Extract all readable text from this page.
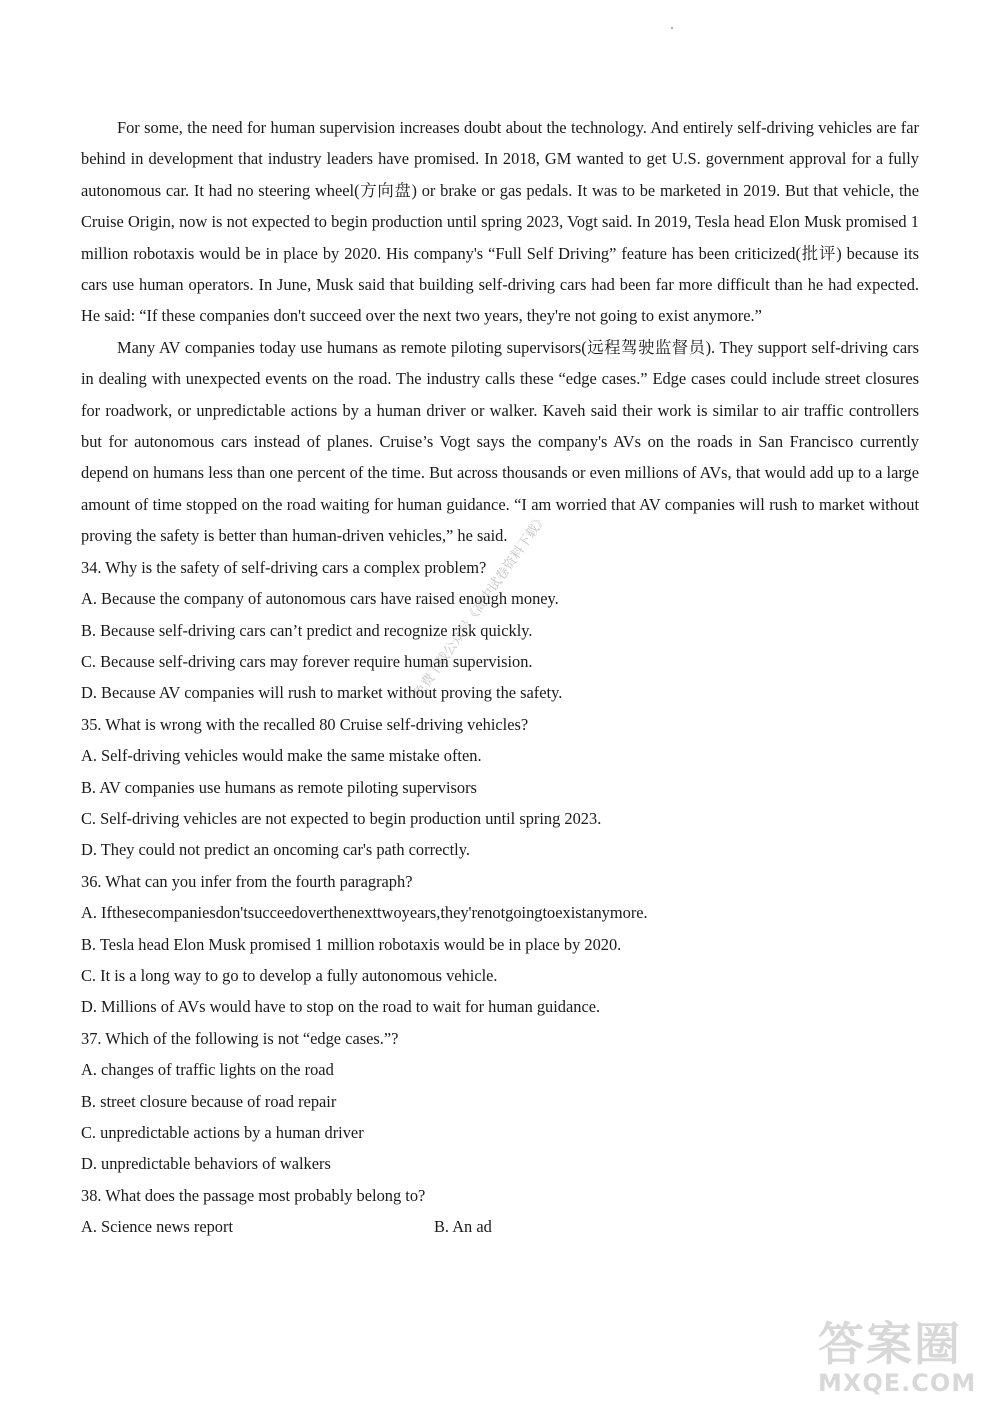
For some, the need for human supervision increases doubt about the technology. And entirely self-driving vehicles are far behind in development that industry leaders have promised. In 2018, GM wanted to get U.S. government approval for a fully autonomous car. It had no steering wheel(方向盘) or brake or gas pedals. It was to be marketed in 2019. But that vehicle, the Cruise Origin, now is not expected to begin production until spring 2023, Vogt said. In 2019, Tesla head Elon Musk promised 1 million robotaxis would be in place by 2020. His company's “Full Self Driving” feature has been criticized(批评) because its cars use human operators. In June, Musk said that building self-driving cars had been far more difficult than he had expected. He said: “If these companies don't succeed over the next two years, they're not going to exist anymore.”

Many AV companies today use humans as remote piloting supervisors(远程驾驶监督员). They support self-driving cars in dealing with unexpected events on the road. The industry calls these “edge cases.” Edge cases could include street closures for roadwork, or unpredictable actions by a human driver or walker. Kaveh said their work is similar to air traffic controllers but for autonomous cars instead of planes. Cruise’s Vogt says the company's AVs on the roads in San Francisco currently depend on humans less than one percent of the time. But across thousands or even millions of AVs, that would add up to a large amount of time stopped on the road waiting for human guidance. “I am worried that AV companies will rush to market without proving the safety is better than human-driven vehicles,” he said.

34. Why is the safety of self-driving cars a complex problem?

A. Because the company of autonomous cars have raised enough money.

B. Because self-driving cars can’t predict and recognize risk quickly.

C. Because self-driving cars may forever require human supervision.

D. Because AV companies will rush to market without proving the safety.

35. What is wrong with the recalled 80 Cruise self-driving vehicles?

A. Self-driving vehicles would make the same mistake often.

B. AV companies use humans as remote piloting supervisors

C. Self-driving vehicles are not expected to begin production until spring 2023.

D. They could not predict an oncoming car's path correctly.

36. What can you infer from the fourth paragraph?

A. Ifthesecompaniesdon'tsucceedoverthenexttwoyears,they'renotgoingtoexistanymore.

B. Tesla head Elon Musk promised 1 million robotaxis would be in place by 2020.

C. It is a long way to go to develop a fully autonomous vehicle.

D. Millions of AVs would have to stop on the road to wait for human guidance.

37. Which of the following is not “edge cases.”?

A. changes of traffic lights on the road

B. street closure because of road repair

C. unpredictable actions by a human driver

D. unpredictable behaviors of walkers

38. What does the passage most probably belong to?

A. Science news report	B. An ad
免费下载公众号《高中试卷资料下载》
答案圈
MXQE.COM
